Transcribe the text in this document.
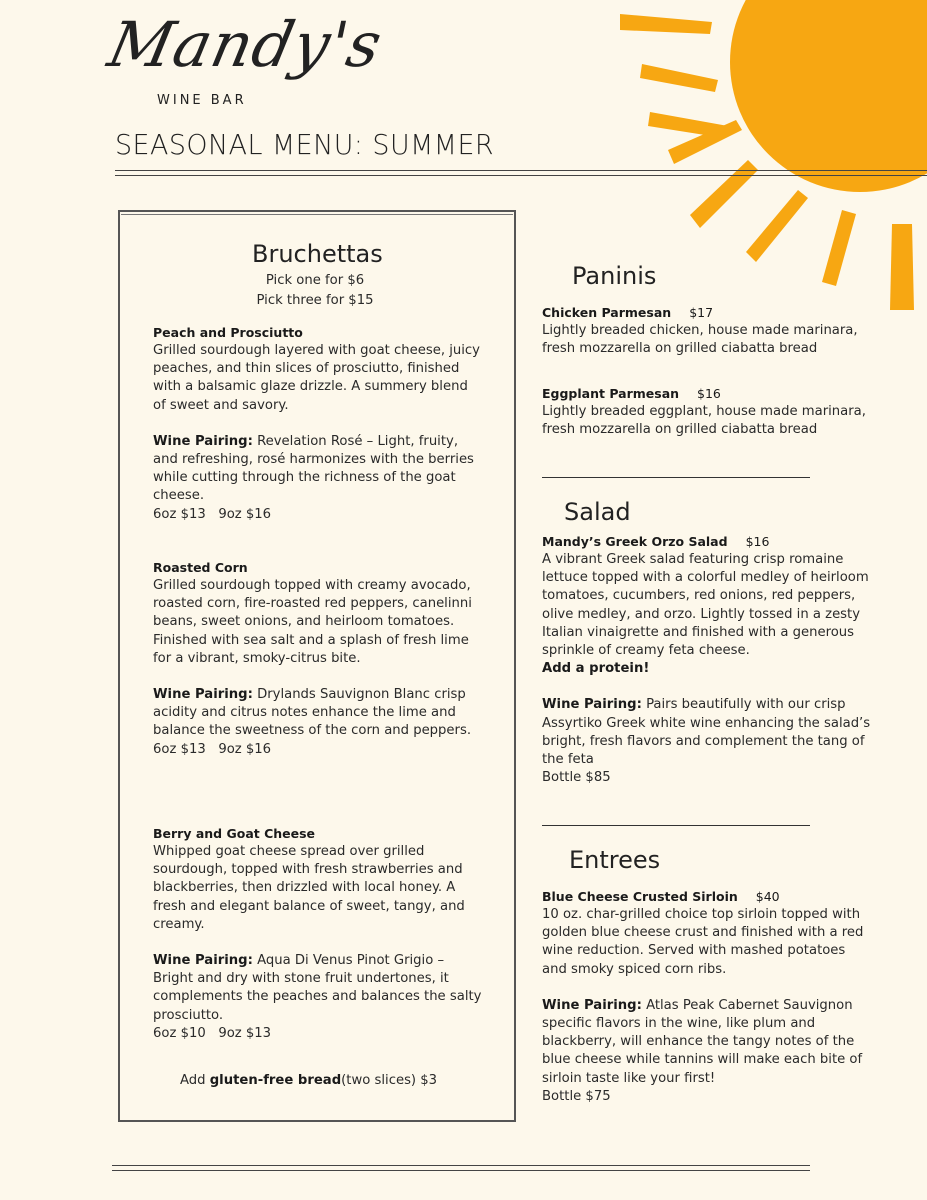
Mandy's
WINE BAR
SEASONAL MENU: SUMMER
Bruchettas
Pick one for $6
Pick three for $15
Peach and Prosciutto
Grilled sourdough layered with goat cheese, juicy peaches, and thin slices of prosciutto, finished with a balsamic glaze drizzle. A summery blend of sweet and savory.
Wine Pairing: Revelation Rosé – Light, fruity, and refreshing, rosé harmonizes with the berries while cutting through the richness of the goat cheese.
6oz $13   9oz $16
Roasted Corn
Grilled sourdough topped with creamy avocado, roasted corn, fire-roasted red peppers, canelinni beans, sweet onions, and heirloom tomatoes. Finished with sea salt and a splash of fresh lime for a vibrant, smoky-citrus bite.
Wine Pairing: Drylands Sauvignon Blanc crisp acidity and citrus notes enhance the lime and balance the sweetness of the corn and peppers. 6oz $13   9oz $16
Berry and Goat Cheese
Whipped goat cheese spread over grilled sourdough, topped with fresh strawberries and blackberries, then drizzled with local honey. A fresh and elegant balance of sweet, tangy, and creamy.
Wine Pairing: Aqua Di Venus Pinot Grigio – Bright and dry with stone fruit undertones, it complements the peaches and balances the salty prosciutto.
6oz $10   9oz $13
Add gluten-free bread(two slices) $3
Paninis
Chicken Parmesan $17
Lightly breaded chicken, house made marinara, fresh mozzarella on grilled ciabatta bread
Eggplant Parmesan $16
Lightly breaded eggplant, house made marinara, fresh mozzarella on grilled ciabatta bread
Salad
Mandy’s Greek Orzo Salad $16
A vibrant Greek salad featuring crisp romaine lettuce topped with a colorful medley of heirloom tomatoes, cucumbers, red onions, red peppers, olive medley, and orzo. Lightly tossed in a zesty Italian vinaigrette and finished with a generous sprinkle of creamy feta cheese.
Add a protein!
Wine Pairing: Pairs beautifully with our crisp Assyrtiko Greek white wine enhancing the salad’s bright, fresh flavors and complement the tang of the feta
Bottle $85
Entrees
Blue Cheese Crusted Sirloin $40
10 oz. char-grilled choice top sirloin topped with golden blue cheese crust and finished with a red wine reduction. Served with mashed potatoes and smoky spiced corn ribs.
Wine Pairing: Atlas Peak Cabernet Sauvignon specific flavors in the wine, like plum and blackberry, will enhance the tangy notes of the blue cheese while tannins will make each bite of sirloin taste like your first!
Bottle $75
